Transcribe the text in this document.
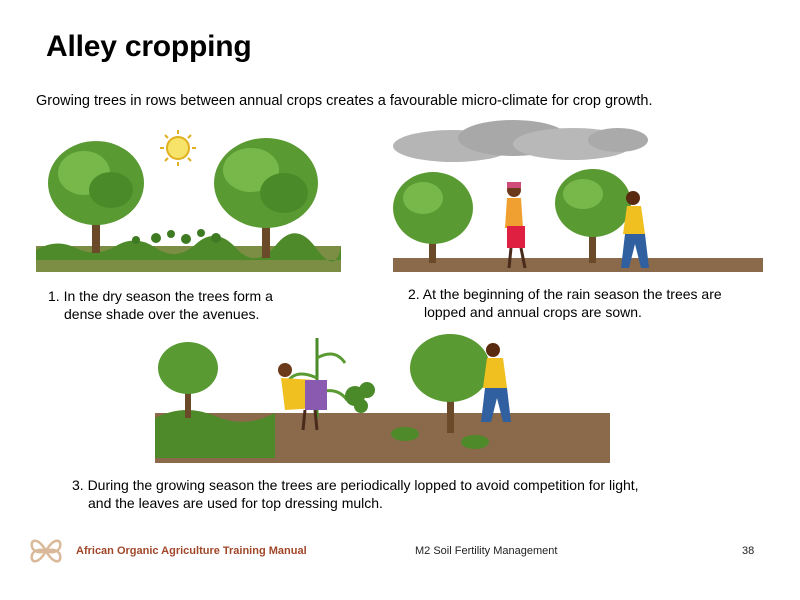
Alley cropping
Growing trees in rows between annual crops creates a favourable micro-climate for crop growth.
1. In the dry season the trees form a
dense shade over the avenues.
2. At the beginning of the rain season the trees are
lopped and annual crops are sown.
3. During the growing season the trees are periodically lopped to avoid competition for light,
and the leaves are used for top dressing mulch.
African Organic Agriculture Training Manual	M2 Soil Fertility Management	38
